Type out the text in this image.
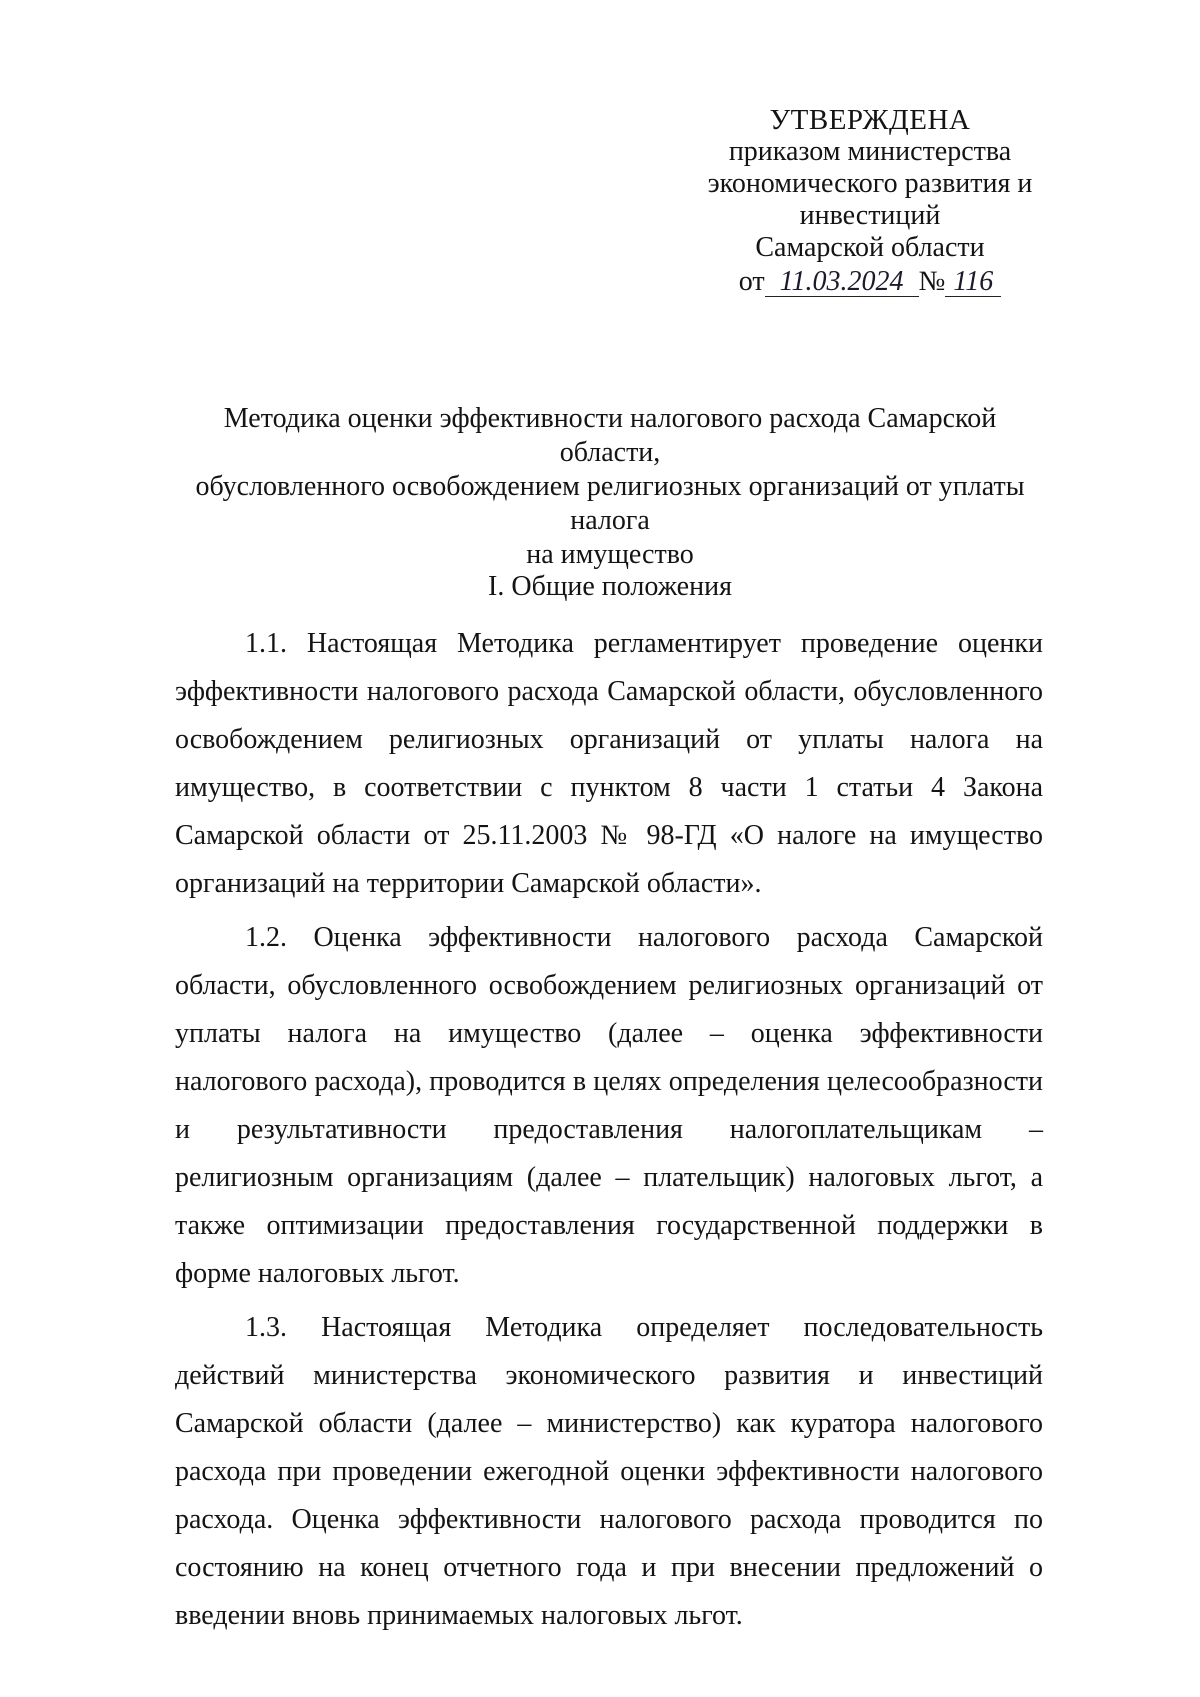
УТВЕРЖДЕНА
приказом министерства
экономического развития и
инвестиций
Самарской области
от 11.03.2024 № 116
Методика оценки эффективности налогового расхода Самарской области,
обусловленного освобождением религиозных организаций от уплаты налога
на имущество
I. Общие положения

1.1. Настоящая Методика регламентирует проведение оценки эффективности налогового расхода Самарской области, обусловленного освобождением религиозных организаций от уплаты налога на имущество, в соответствии с пунктом 8 части 1 статьи 4 Закона Самарской области от 25.11.2003 № 98-ГД «О налоге на имущество организаций на территории Самарской области».

1.2. Оценка эффективности налогового расхода Самарской области, обусловленного освобождением религиозных организаций от уплаты налога на имущество (далее – оценка эффективности налогового расхода), проводится в целях определения целесообразности и результативности предоставления налогоплательщикам – религиозным организациям (далее – плательщик) налоговых льгот, а также оптимизации предоставления государственной поддержки в форме налоговых льгот.

1.3. Настоящая Методика определяет последовательность действий министерства экономического развития и инвестиций Самарской области (далее – министерство) как куратора налогового расхода при проведении ежегодной оценки эффективности налогового расхода. Оценка эффективности налогового расхода проводится по состоянию на конец отчетного года и при внесении предложений о введении вновь принимаемых налоговых льгот.
